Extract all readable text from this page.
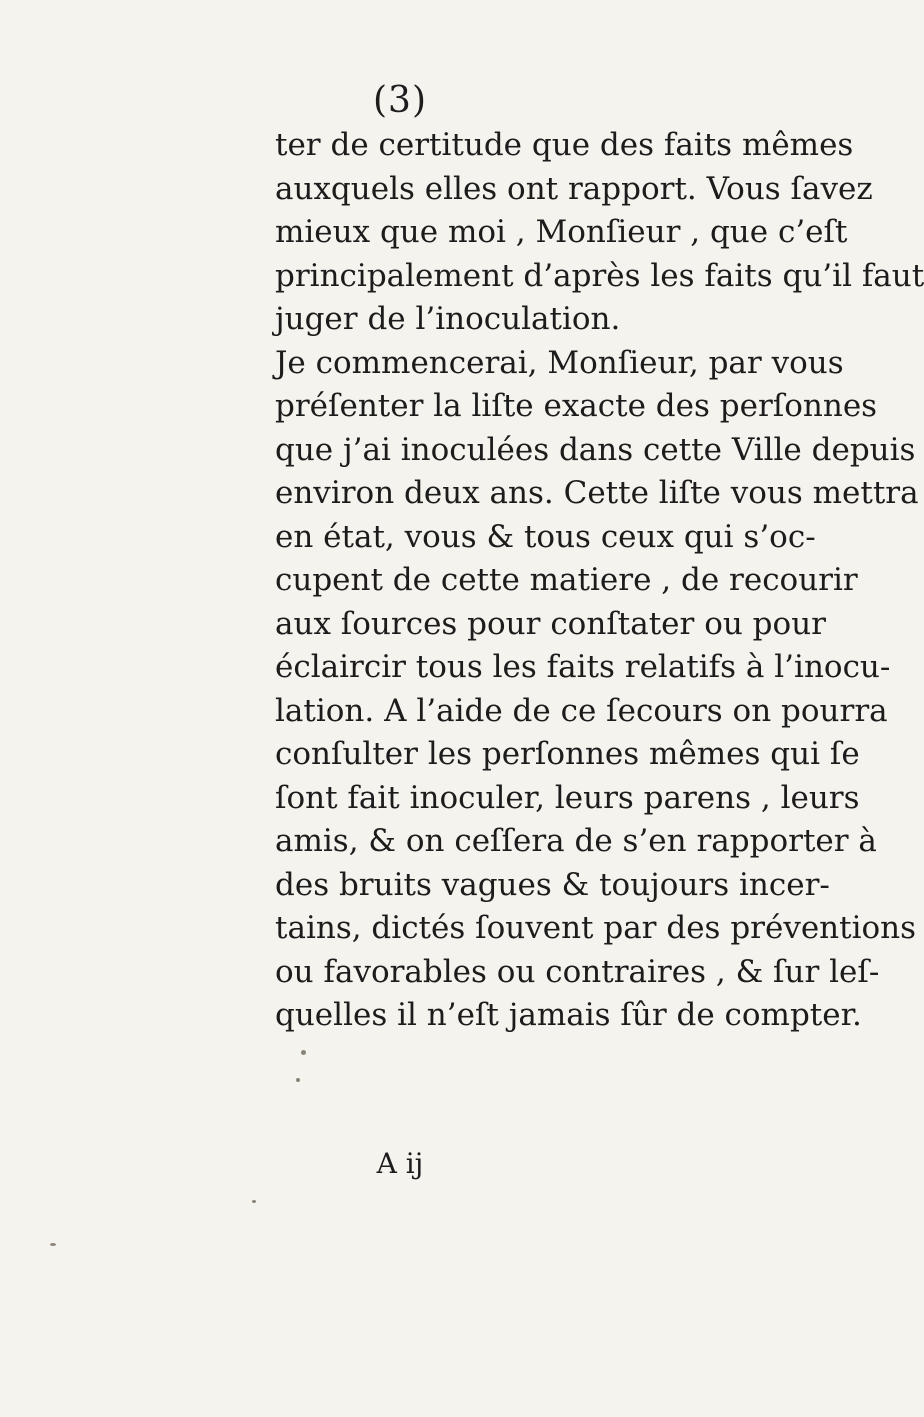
(3)
ter de certitude que des faits mêmes
auxquels elles ont rapport. Vous ſavez
mieux que moi , Monſieur , que c’eſt
principalement d’après les faits qu’il faut
juger de l’inoculation.
Je commencerai, Monſieur, par vous
préſenter la liſte exacte des perſonnes
que j’ai inoculées dans cette Ville depuis
environ deux ans. Cette liſte vous mettra
en état, vous & tous ceux qui s’oc-
cupent de cette matiere , de recourir
aux ſources pour conſtater ou pour
éclaircir tous les faits relatifs à l’inocu-
lation. A l’aide de ce ſecours on pourra
conſulter les perſonnes mêmes qui ſe
ſont fait inoculer, leurs parens , leurs
amis, & on ceſſera de s’en rapporter à
des bruits vagues & toujours incer-
tains, dictés ſouvent par des préventions
ou favorables ou contraires , & ſur leſ-
quelles il n’eſt jamais ſûr de compter.
A ij
